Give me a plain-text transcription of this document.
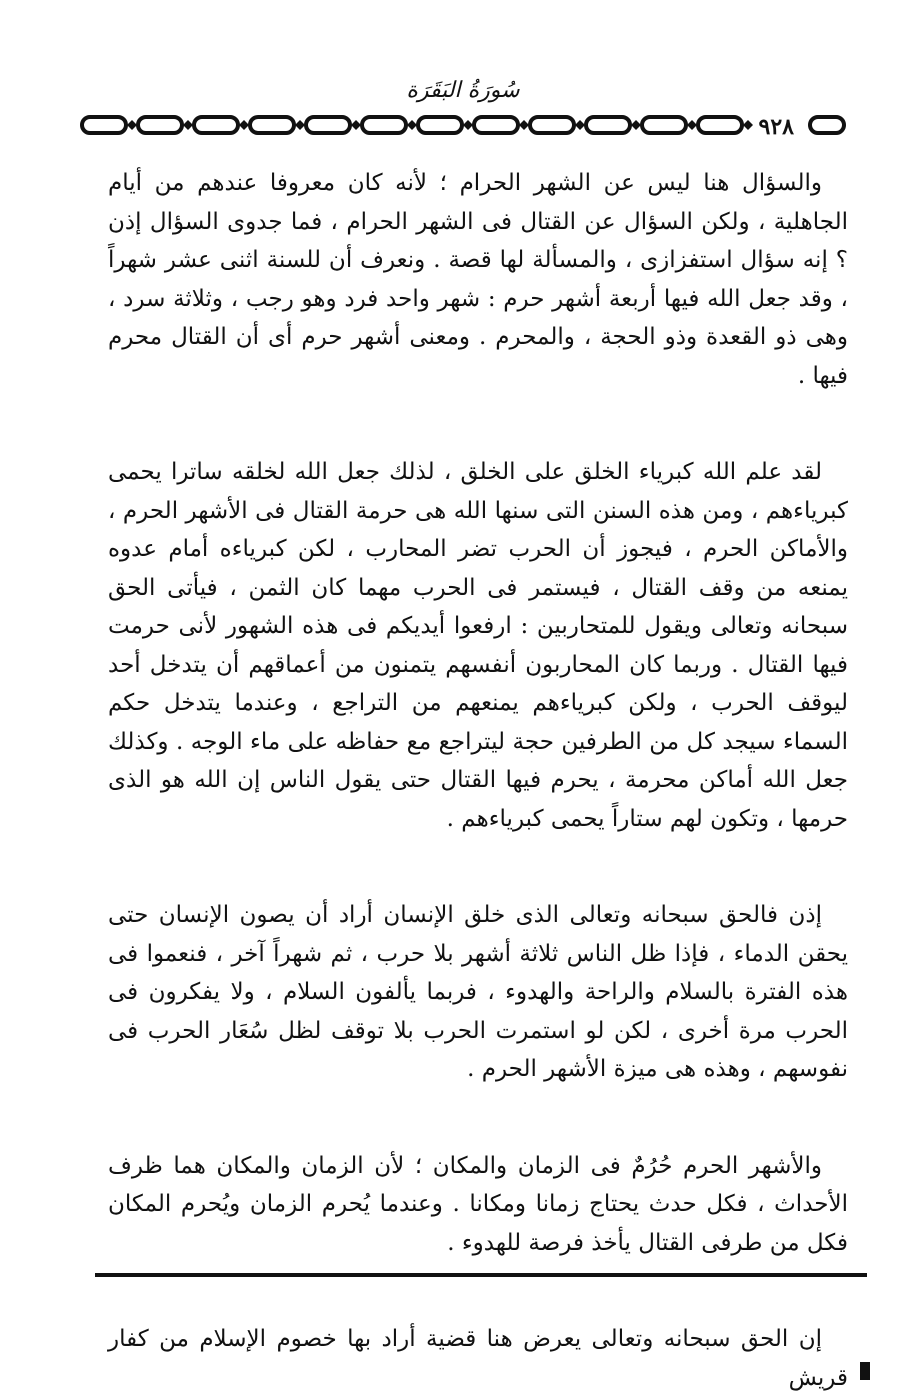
سُورَةُ البَقَرَة
٩٢٨

والسؤال هنا ليس عن الشهر الحرام ؛ لأنه كان معروفا عندهم من أيام الجاهلية ، ولكن السؤال عن القتال فى الشهر الحرام ، فما جدوى السؤال إذن ؟ إنه سؤال استفزازى ، والمسألة لها قصة . ونعرف أن للسنة اثنى عشر شهراً ، وقد جعل الله فيها أربعة أشهر حرم : شهر واحد فرد وهو رجب ، وثلاثة سرد ، وهى ذو القعدة وذو الحجة ، والمحرم . ومعنى أشهر حرم أى أن القتال محرم فيها .

لقد علم الله كبرياء الخلق على الخلق ، لذلك جعل الله لخلقه ساترا يحمى كبرياءهم ، ومن هذه السنن التى سنها الله هى حرمة القتال فى الأشهر الحرم ، والأماكن الحرم ، فيجوز أن الحرب تضر المحارب ، لكن كبرياءه أمام عدوه يمنعه من وقف القتال ، فيستمر فى الحرب مهما كان الثمن ، فيأتى الحق سبحانه وتعالى ويقول للمتحاربين : ارفعوا أيديكم فى هذه الشهور لأنى حرمت فيها القتال . وربما كان المحاربون أنفسهم يتمنون من أعماقهم أن يتدخل أحد ليوقف الحرب ، ولكن كبرياءهم يمنعهم من التراجع ، وعندما يتدخل حكم السماء سيجد كل من الطرفين حجة ليتراجع مع حفاظه على ماء الوجه . وكذلك جعل الله أماكن محرمة ، يحرم فيها القتال حتى يقول الناس إن الله هو الذى حرمها ، وتكون لهم ستاراً يحمى كبرياءهم .

إذن فالحق سبحانه وتعالى الذى خلق الإنسان أراد أن يصون الإنسان حتى يحقن الدماء ، فإذا ظل الناس ثلاثة أشهر بلا حرب ، ثم شهراً آخر ، فنعموا فى هذه الفترة بالسلام والراحة والهدوء ، فربما يألفون السلام ، ولا يفكرون فى الحرب مرة أخرى ، لكن لو استمرت الحرب بلا توقف لظل سُعَار الحرب فى نفوسهم ، وهذه هى ميزة الأشهر الحرم .

والأشهر الحرم حُرُمٌ فى الزمان والمكان ؛ لأن الزمان والمكان هما ظرف الأحداث ، فكل حدث يحتاج زمانا ومكانا . وعندما يُحرم الزمان ويُحرم المكان فكل من طرفى القتال يأخذ فرصة للهدوء .

إن الحق سبحانه وتعالى يعرض هنا قضية أراد بها خصوم الإسلام من كفار قريش
